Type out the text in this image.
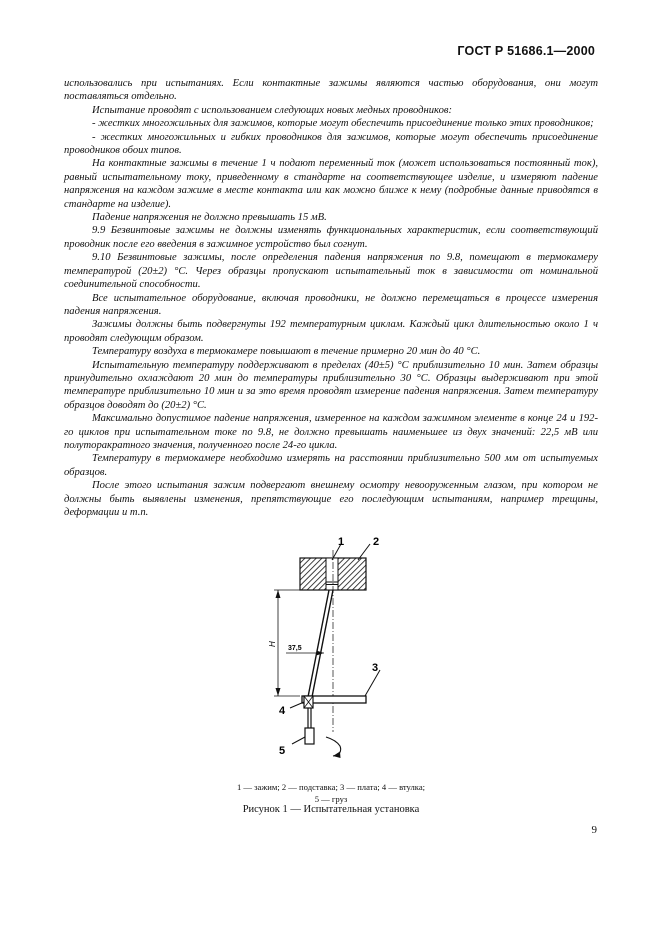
ГОСТ Р 51686.1—2000

использовались при испытаниях. Если контактные зажимы являются частью оборудования, они могут поставляться отдельно.

Испытание проводят с использованием следующих новых медных проводников:

- жестких многожильных для зажимов, которые могут обеспечить присоединение только этих проводников;

- жестких многожильных и гибких проводников для зажимов, которые могут обеспечить присоединение проводников обоих типов.

На контактные зажимы в течение 1 ч подают переменный ток (может использоваться постоянный ток), равный испытательному току, приведенному в стандарте на соответствующее изделие, и измеряют падение напряжения на каждом зажиме в месте контакта или как можно ближе к нему (подробные данные приводятся в стандарте на изделие).

Падение напряжения не должно превышать 15 мВ.

9.9 Безвинтовые зажимы не должны изменять функциональных характеристик, если соответствующий проводник после его введения в зажимное устройство был согнут.

9.10 Безвинтовые зажимы, после определения падения напряжения по 9.8, помещают в термокамеру температурой (20±2) °С. Через образцы пропускают испытательный ток в зависимости от номинальной соединительной способности.

Все испытательное оборудование, включая проводники, не должно перемещаться в процессе измерения падения напряжения.

Зажимы должны быть подвергнуты 192 температурным циклам. Каждый цикл длительностью около 1 ч проводят следующим образом.

Температуру воздуха в термокамере повышают в течение примерно 20 мин до 40 °С.

Испытательную температуру поддерживают в пределах (40±5) °С приблизительно 10 мин. Затем образцы принудительно охлаждают 20 мин до температуры приблизительно 30 °С. Образцы выдерживают при этой температуре приблизительно 10 мин и за это время проводят измерение падения напряжения. Затем температуру образцов доводят до (20±2) °С.

Максимально допустимое падение напряжения, измеренное на каждом зажимном элементе в конце 24 и 192-го циклов при испытательном токе по 9.8, не должно превышать наименьшее из двух значений: 22,5 мВ или полуторакратного значения, полученного после 24-го цикла.

Температуру в термокамере необходимо измерять на расстоянии приблизительно 500 мм от испытуемых образцов.

После этого испытания зажим подвергают внешнему осмотру невооруженным глазом, при котором не должны быть выявлены изменения, препятствующие его последующим испытаниям, например трещины, деформации и т.п.

1	2
3
4
5
H
37,5
1 — зажим; 2 — подставка; 3 — плата; 4 — втулка;
5 — груз
Рисунок 1 — Испытательная установка
9
